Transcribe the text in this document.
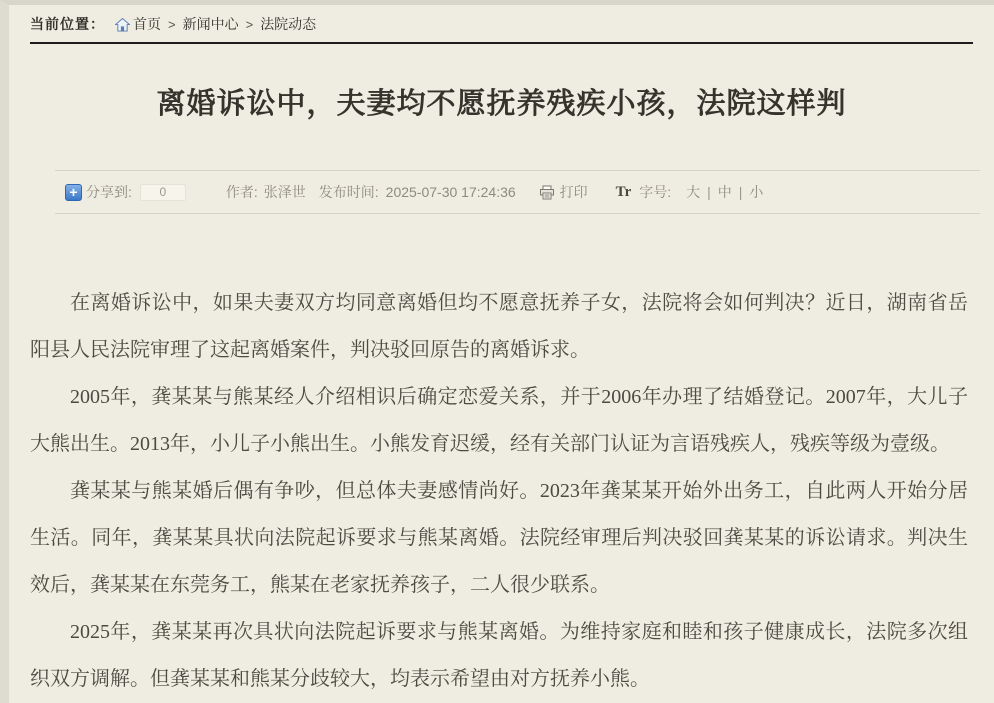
当前位置： 首页 > 新闻中心 > 法院动态
离婚诉讼中，夫妻均不愿抚养残疾小孩，法院这样判
+ 分享到:	0	作者: 张泽世 发布时间: 2025-07-30 17:24:36	打印 Tr 字号: 大 | 中 | 小

在离婚诉讼中，如果夫妻双方均同意离婚但均不愿意抚养子女，法院将会如何判决？近日，湖南省岳阳县人民法院审理了这起离婚案件，判决驳回原告的离婚诉求。

2005年，龚某某与熊某经人介绍相识后确定恋爱关系，并于2006年办理了结婚登记。2007年，大儿子大熊出生。2013年，小儿子小熊出生。小熊发育迟缓，经有关部门认证为言语残疾人，残疾等级为壹级。

龚某某与熊某婚后偶有争吵，但总体夫妻感情尚好。2023年龚某某开始外出务工，自此两人开始分居生活。同年，龚某某具状向法院起诉要求与熊某离婚。法院经审理后判决驳回龚某某的诉讼请求。判决生效后，龚某某在东莞务工，熊某在老家抚养孩子，二人很少联系。

2025年，龚某某再次具状向法院起诉要求与熊某离婚。为维持家庭和睦和孩子健康成长，法院多次组织双方调解。但龚某某和熊某分歧较大，均表示希望由对方抚养小熊。
